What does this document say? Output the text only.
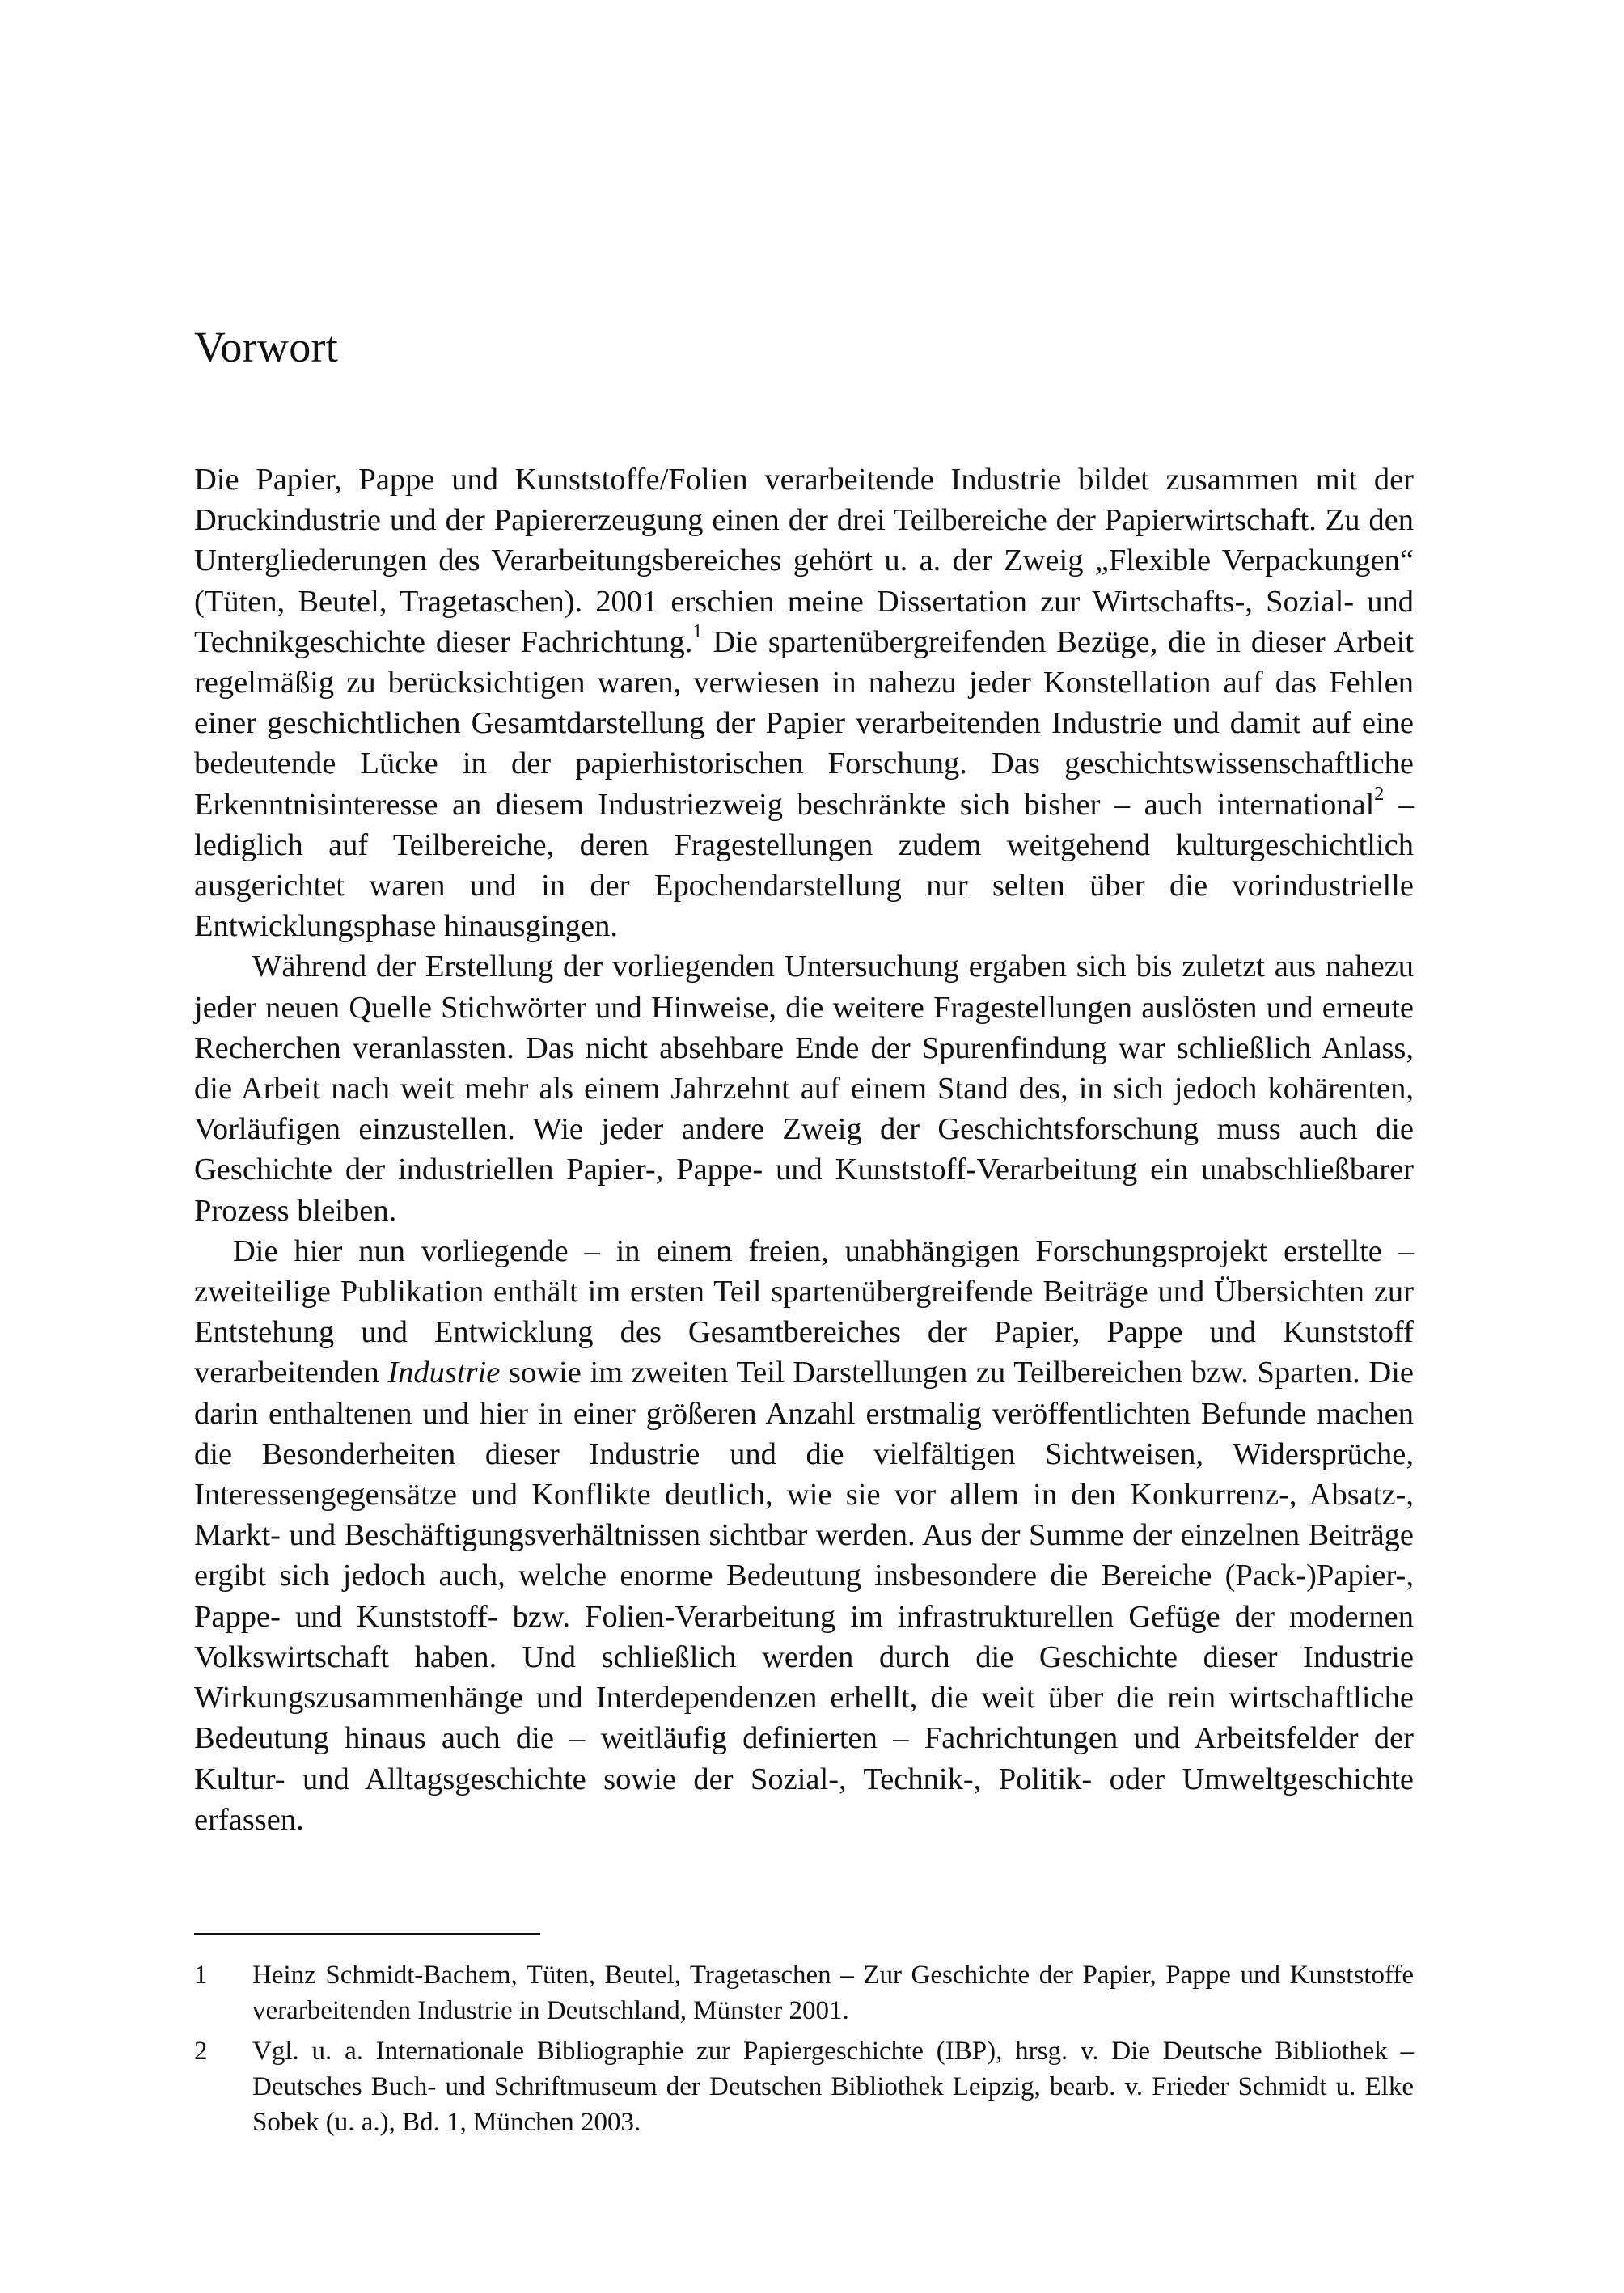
Vorwort

Die Papier, Pappe und Kunststoffe/Folien verarbeitende Industrie bildet zusammen mit der Druckindustrie und der Papiererzeugung einen der drei Teilbereiche der Papierwirtschaft. Zu den Untergliederungen des Verarbeitungsbereiches gehört u. a. der Zweig „Flexible Verpackungen“ (Tüten, Beutel, Tragetaschen). 2001 erschien meine Dissertation zur Wirtschafts-, Sozial- und Technikgeschichte dieser Fachrichtung.$^1$ Die spartenübergreifenden Bezüge, die in dieser Arbeit regelmäßig zu berücksichtigen waren, verwiesen in nahezu jeder Konstellation auf das Fehlen einer geschichtlichen Gesamtdarstellung der Papier verarbeitenden Industrie und damit auf eine bedeutende Lücke in der papierhistorischen Forschung. Das geschichtswissenschaftliche Erkenntnisinteresse an diesem Industriezweig beschränkte sich bisher – auch international$^2$ – lediglich auf Teilbereiche, deren Fragestellungen zudem weitgehend kulturgeschichtlich ausgerichtet waren und in der Epochendarstellung nur selten über die vorindustrielle Entwicklungsphase hinausgingen.

Während der Erstellung der vorliegenden Untersuchung ergaben sich bis zuletzt aus nahezu jeder neuen Quelle Stichwörter und Hinweise, die weitere Fragestellungen auslösten und erneute Recherchen veranlassten. Das nicht absehbare Ende der Spurenfindung war schließlich Anlass, die Arbeit nach weit mehr als einem Jahrzehnt auf einem Stand des, in sich jedoch kohärenten, Vorläufigen einzustellen. Wie jeder andere Zweig der Geschichtsforschung muss auch die Geschichte der industriellen Papier-, Pappe- und Kunststoff-Verarbeitung ein unabschließbarer Prozess bleiben.

Die hier nun vorliegende – in einem freien, unabhängigen Forschungsprojekt erstellte – zweiteilige Publikation enthält im ersten Teil spartenübergreifende Beiträge und Übersichten zur Entstehung und Entwicklung des Gesamtbereiches der Papier, Pappe und Kunststoff verarbeitenden Industrie sowie im zweiten Teil Darstellungen zu Teilbereichen bzw. Sparten. Die darin enthaltenen und hier in einer größeren Anzahl erstmalig veröffentlichten Befunde machen die Besonderheiten dieser Industrie und die vielfältigen Sichtweisen, Widersprüche, Interessengegensätze und Konflikte deutlich, wie sie vor allem in den Konkurrenz-, Absatz-, Markt- und Beschäftigungsverhältnissen sichtbar werden. Aus der Summe der einzelnen Beiträge ergibt sich jedoch auch, welche enorme Bedeutung insbesondere die Bereiche (Pack-)Papier-, Pappe- und Kunststoff- bzw. Folien-Verarbeitung im infrastrukturellen Gefüge der modernen Volkswirtschaft haben. Und schließlich werden durch die Geschichte dieser Industrie Wirkungszusammenhänge und Interdependenzen erhellt, die weit über die rein wirtschaftliche Bedeutung hinaus auch die – weitläufig definierten – Fachrichtungen und Arbeitsfelder der Kultur- und Alltagsgeschichte sowie der Sozial-, Technik-, Politik- oder Umweltgeschichte erfassen.

1	Heinz Schmidt-Bachem, Tüten, Beutel, Tragetaschen – Zur Geschichte der Papier, Pappe und Kunststoffe verarbeitenden Industrie in Deutschland, Münster 2001.
2	Vgl. u. a. Internationale Bibliographie zur Papiergeschichte (IBP), hrsg. v. Die Deutsche Bibliothek – Deutsches Buch- und Schriftmuseum der Deutschen Bibliothek Leipzig, bearb. v. Frieder Schmidt u. Elke Sobek (u. a.), Bd. 1, München 2003.
